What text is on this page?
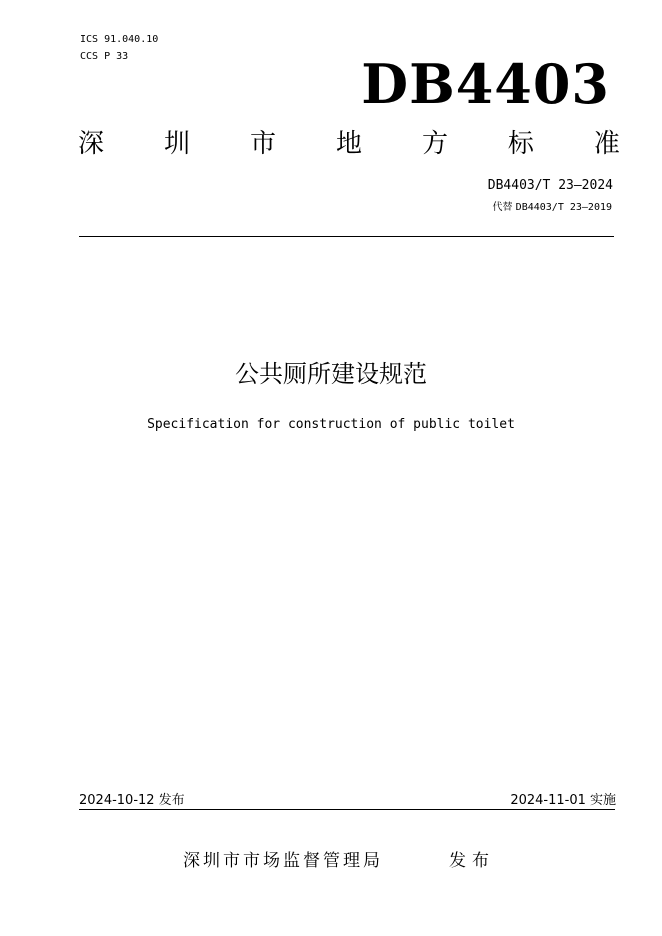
ICS 91.040.10
CCS P 33	DB4403
深 圳 市 地 方 标 准
DB4403/T 23—2024
代替 DB4403/T 23—2019
公共厕所建设规范
Specification for construction of public toilet
2024-10-12 发布	2024-11-01 实施
深圳市市场监督管理局	发布
